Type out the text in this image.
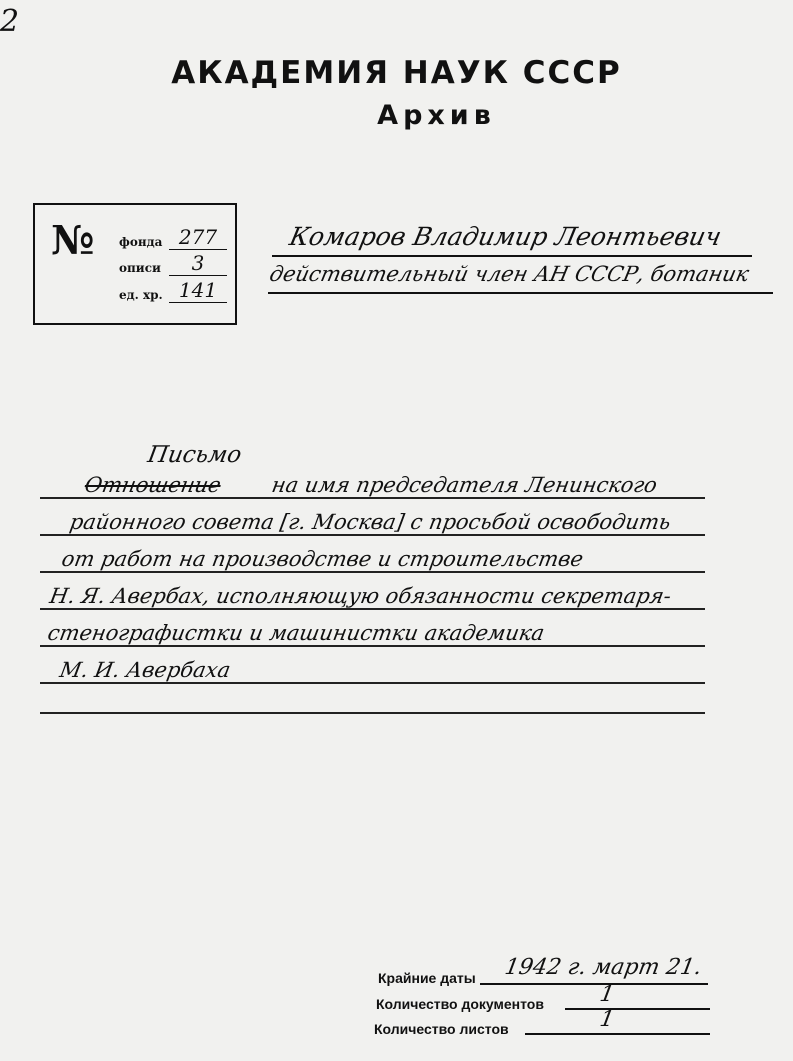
2
АКАДЕМИЯ НАУК СССР
Архив
№ фонда 277
описи	3
ед. хр. 141
Комаров Владимир Леонтьевич
действительный член АН СССР, ботаник
Письмо
Отношение на имя председателя Ленинского
районного совета [г. Москва] с просьбой освободить
от работ на производстве и строительстве
Н. Я. Авербах, исполняющую обязанности секретаря-
стенографистки и машинистки академика
М. И. Авербаха
Крайние даты 1942 г. март 21.
Количество документов 1
Количество листов	1
